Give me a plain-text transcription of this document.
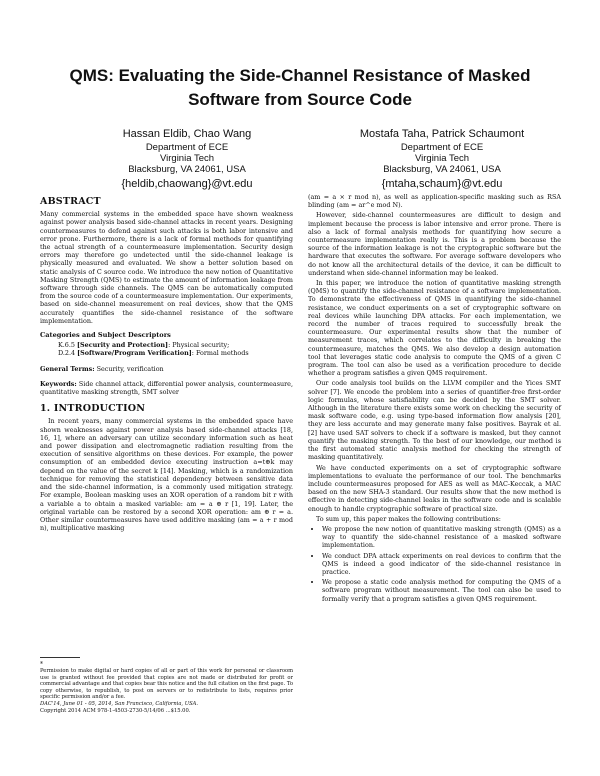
QMS: Evaluating the Side-Channel Resistance of Masked
Software from Source Code
Hassan Eldib, Chao Wang
Department of ECE
Virginia Tech
Blacksburg, VA 24061, USA
{heldib,chaowang}@vt.edu
Mostafa Taha, Patrick Schaumont
Department of ECE
Virginia Tech
Blacksburg, VA 24061, USA
{mtaha,schaum}@vt.edu
ABSTRACT

Many commercial systems in the embedded space have shown weakness against power analysis based side-channel attacks in recent years. Designing countermeasures to defend against such attacks is both labor intensive and error prone. Furthermore, there is a lack of formal methods for quantifying the actual strength of a countermeasure implementation. Security design errors may therefore go undetected until the side-channel leakage is physically measured and evaluated. We show a better solution based on static analysis of C source code. We introduce the new notion of Quantitative Masking Strength (QMS) to estimate the amount of information leakage from software through side channels. The QMS can be automatically computed from the source code of a countermeasure implementation. Our experiments, based on side-channel measurement on real devices, show that the QMS accurately quantifies the side-channel resistance of the software implementation.

Categories and Subject Descriptors

K.6.5 [Security and Protection]: Physical security;

D.2.4 [Software/Program Verification]: Formal methods

General Terms: Security, verification

Keywords: Side channel attack, differential power analysis, countermeasure, quantitative masking strength, SMT solver

1. INTRODUCTION

In recent years, many commercial systems in the embedded space have shown weaknesses against power analysis based side-channel attacks [18, 16, 1], where an adversary can utilize secondary information such as heat and power dissipation and electromagnetic radiation resulting from the execution of sensitive algorithms on these devices. For example, the power consumption of an embedded device executing instruction a=t⊕k may depend on the value of the secret k [14]. Masking, which is a randomization technique for removing the statistical dependency between sensitive data and the side-channel information, is a commonly used mitigation strategy. For example, Boolean masking uses an XOR operation of a random bit r with a variable a to obtain a masked variable: am = a ⊕ r [1, 19]. Later, the original variable can be restored by a second XOR operation: am ⊕ r = a. Other similar countermeasures have used additive masking (am = a + r mod n), multiplicative masking

(am = a × r mod n), as well as application-specific masking such as RSA blinding (am = ar^e mod N).

However, side-channel countermeasures are difficult to design and implement because the process is labor intensive and error prone. There is also a lack of formal analysis methods for quantifying how secure a countermeasure implementation really is. This is a problem because the source of the information leakage is not the cryptographic software but the hardware that executes the software. For average software developers who do not know all the architectural details of the device, it can be difficult to understand when side-channel information may be leaked.

In this paper, we introduce the notion of quantitative masking strength (QMS) to quantify the side-channel resistance of a software implementation. To demonstrate the effectiveness of QMS in quantifying the side-channel resistance, we conduct experiments on a set of cryptographic software on real devices while launching DPA attacks. For each implementation, we record the number of traces required to successfully break the countermeasure. Our experimental results show that the number of measurement traces, which correlates to the difficulty in breaking the countermeasure, matches the QMS. We also develop a design automation tool that leverages static code analysis to compute the QMS of a given C program. The tool can also be used as a verification procedure to decide whether a program satisfies a given QMS requirement.

Our code analysis tool builds on the LLVM compiler and the Yices SMT solver [7]. We encode the problem into a series of quantifier-free first-order logic formulas, whose satisfiability can be decided by the SMT solver. Although in the literature there exists some work on checking the security of mask software code, e.g. using type-based information flow analysis [20], they are less accurate and may generate many false positives. Bayrak et al. [2] have used SAT solvers to check if a software is masked, but they cannot quantify the masking strength. To the best of our knowledge, our method is the first automated static analysis method for checking the strength of masking quantitatively.

We have conducted experiments on a set of cryptographic software implementations to evaluate the performance of our tool. The benchmarks include countermeasures proposed for AES as well as MAC-Keccak, a MAC based on the new SHA-3 standard. Our results show that the new method is effective in detecting side-channel leaks in the software code and is scalable enough to handle cryptographic software of practical size.

To sum up, this paper makes the following contributions:

• We propose the new notion of quantitative masking strength (QMS) as a way to quantify the side-channel resistance of a masked software implementation.
• We conduct DPA attack experiments on real devices to confirm that the QMS is indeed a good indicator of the side-channel resistance in practice.
• We propose a static code analysis method for computing the QMS of a software program without measurement. The tool can also be used to formally verify that a program satisfies a given QMS requirement.
*
Permission to make digital or hard copies of all or part of this work for personal or classroom use is granted without fee provided that copies are not made or distributed for profit or commercial advantage and that copies bear this notice and the full citation on the first page. To copy otherwise, to republish, to post on servers or to redistribute to lists, requires prior specific permission and/or a fee.
DAC'14, June 01 - 05, 2014, San Francisco, California, USA.
Copyright 2014 ACM 978-1-4503-2730-5/14/06 ...$15.00.
